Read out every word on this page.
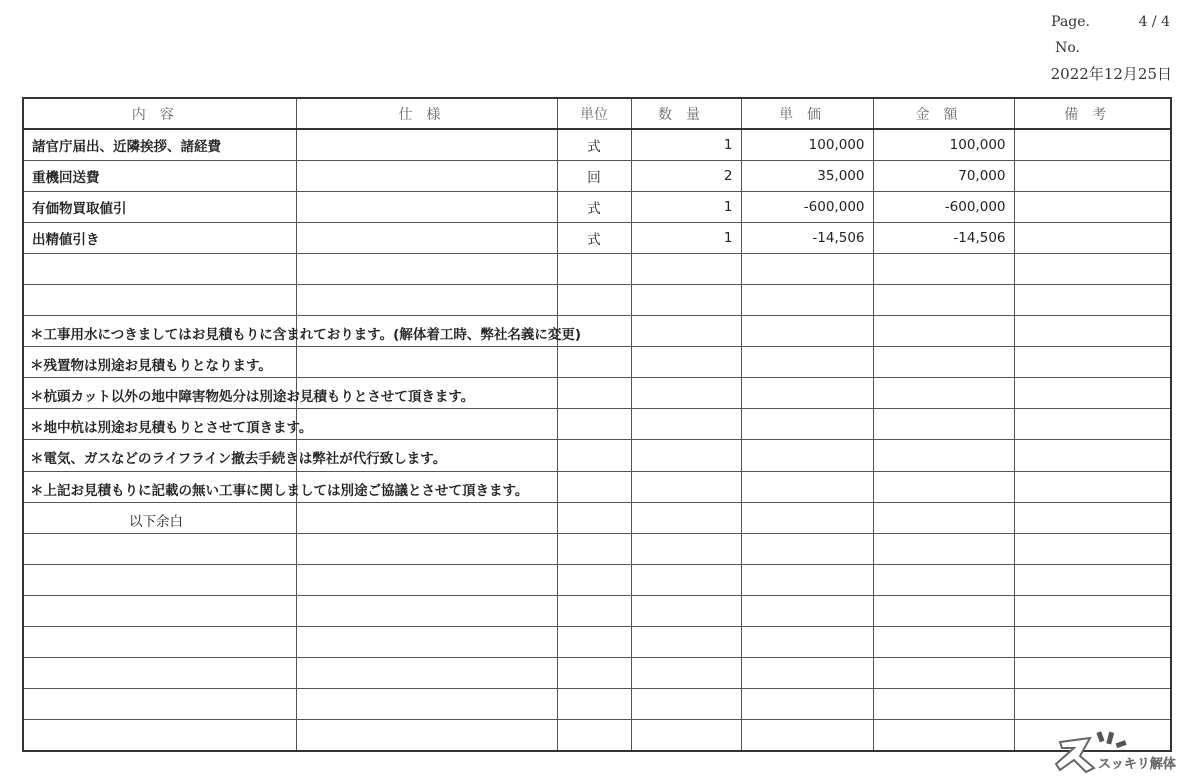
Page.	4 / 4
No.
2022年12月25日
内容	仕様	単位	数量	単価	金額	備考
諸官庁届出、近隣挨拶、諸経費		式	1	100,000	100,000	
重機回送費		回	2	35,000	70,000	
有価物買取値引		式	1	-600,000	-600,000	
出精値引き		式	1	-14,506	-14,506	

＊工事用水につきましてはお見積もりに含まれております。(解体着工時、弊社名義に変更)						

＊残置物は別途お見積もりとなります。						

＊杭頭カット以外の地中障害物処分は別途お見積もりとさせて頂きます。						

＊地中杭は別途お見積もりとさせて頂きます。						

＊電気、ガスなどのライフライン撤去手続きは弊社が代行致します。						

＊上記お見積もりに記載の無い工事に関しましては別途ご協議とさせて頂きます。						

以下余白						

スッキリ解体
